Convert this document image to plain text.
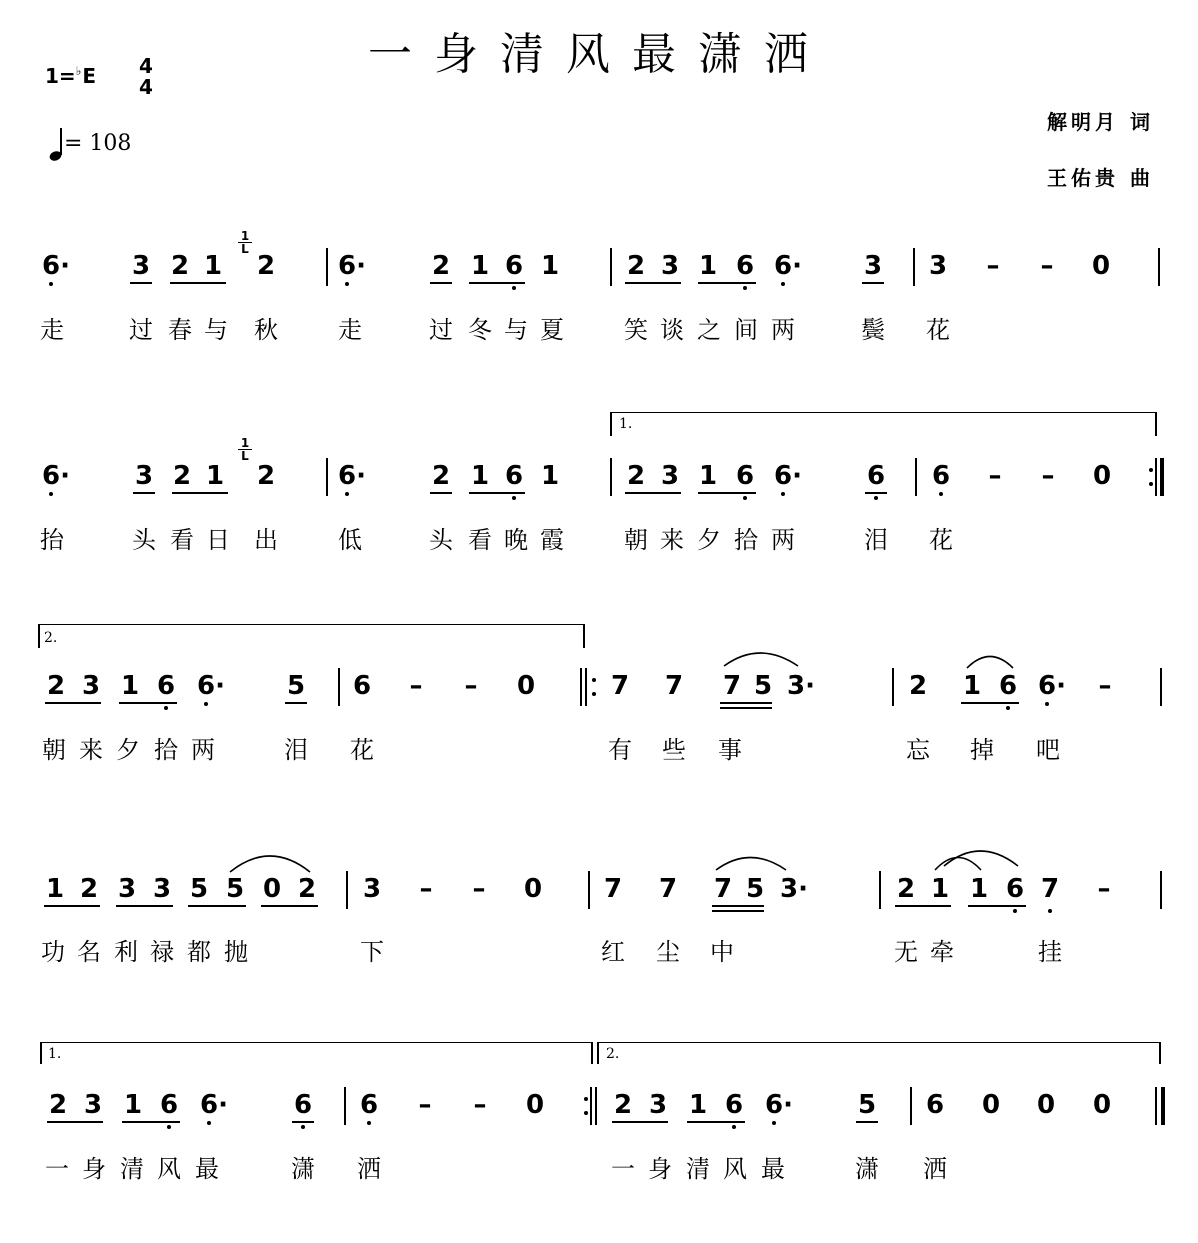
一身清风最潇洒
1=♭E 4
4
= 108
解明月 词
王佑贵 曲
6· 3 2 1
1
L
2 6·	2 1 6 1	2 3 1 6 6· 3 3 – – 0
走	过 春 与 秋	走	过 冬 与 夏	笑 谈 之 间 两	鬓 花
1.
6· 3 2 1
1
L
2 6·	2 1 6 1	2 3 1 6 6· 6 6 – – 0
抬	头 看 日 出	低	头 看 晚 霞	朝 来 夕 拾 两	泪 花
2.
2 3 1 6 6· 5 6 – – 0	7 7 7 5 3·	2 1 6 6· –
朝 来 夕 拾 两	泪 花	有 些 事	忘 掉 吧
1 2 3 3 5 5 0 2 3 – – 0 7 7 7 5 3·	2 1 1 6 7 –
功 名 利 禄 都 抛	下	红 尘 中	无 牵	挂
1.	2.
2 3 1 6 6·	6 6 – – 0	2 3 1 6 6· 5 6 0 0 0
一 身 清 风 最	潇 洒	一 身 清 风 最	潇 洒
